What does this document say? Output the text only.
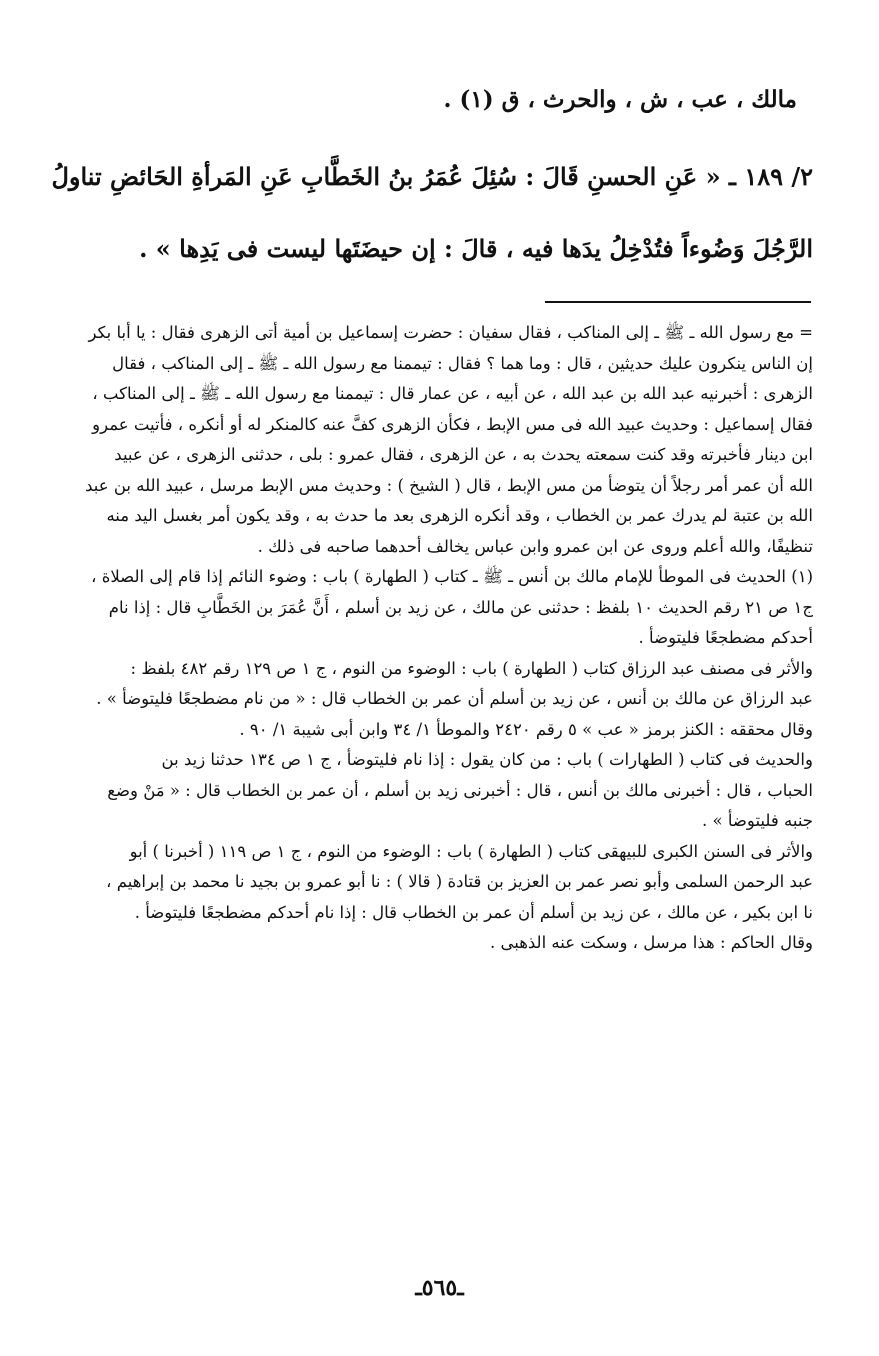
مالك ، عب ، ش ، والحرث ، ق (١) .
٢/ ١٨٩ ـ « عَنِ الحسنِ قَالَ : سُئِلَ عُمَرُ بنُ الخَطَّابِ عَنِ المَرأةِ الحَائضِ تناولُ
الرَّجُلَ وَضُوءاً فتُدْخِلُ يدَها فيه ، قالَ : إن حيضَتَها ليست فى يَدِها » .
= مع رسول الله ـ ﷺ ـ إلى المناكب ، فقال سفيان : حضرت إسماعيل بن أمية أتى الزهرى فقال : يا أبا بكر
إن الناس ينكرون عليك حديثين ، قال : وما هما ؟ فقال : تيممنا مع رسول الله ـ ﷺ ـ إلى المناكب ، فقال
الزهرى : أخبرنيه عبد الله بن عبد الله ، عن أبيه ، عن عمار قال : تيممنا مع رسول الله ـ ﷺ ـ إلى المناكب ،
فقال إسماعيل : وحديث عبيد الله فى مس الإبط ، فكأن الزهرى كفَّ عنه كالمنكر له أو أنكره ، فأتيت عمرو
ابن دينار فأخبرته وقد كنت سمعته يحدث به ، عن الزهرى ، فقال عمرو : بلى ، حدثنى الزهرى ، عن عبيد
الله أن عمر أمر رجلاً أن يتوضأ من مس الإبط ، قال ( الشيخ ) : وحديث مس الإبط مرسل ، عبيد الله بن عبد
الله بن عتبة لم يدرك عمر بن الخطاب ، وقد أنكره الزهرى بعد ما حدث به ، وقد يكون أمر بغسل اليد منه
تنظيفًا، والله أعلم وروى عن ابن عمرو وابن عباس يخالف أحدهما صاحبه فى ذلك .
(١) الحديث فى الموطأ للإمام مالك بن أنس ـ ﷺ ـ كتاب ( الطهارة ) باب : وضوء النائم إذا قام إلى الصلاة ،
ج١ ص ٢١ رقم الحديث ١٠ بلفظ : حدثنى عن مالك ، عن زيد بن أسلم ، أَنَّ عُمَرَ بن الخَطَّابِ قال : إذا نام
أحدكم مضطجعًا فليتوضأ .
والأثر فى مصنف عبد الرزاق كتاب ( الطهارة ) باب : الوضوء من النوم ، ج ١ ص ١٢٩ رقم ٤٨٢ بلفظ :
عبد الرزاق عن مالك بن أنس ، عن زيد بن أسلم أن عمر بن الخطاب قال : « من نام مضطجعًا فليتوضأ » .
وقال محققه : الكنز برمز « عب » ٥ رقم ٢٤٢٠ والموطأ ١/ ٣٤ وابن أبى شيبة ١/ ٩٠ .
والحديث فى كتاب ( الطهارات ) باب : من كان يقول : إذا نام فليتوضأ ، ج ١ ص ١٣٤ حدثنا زيد بن
الحباب ، قال : أخبرنى مالك بن أنس ، قال : أخبرنى زيد بن أسلم ، أن عمر بن الخطاب قال : « مَنْ وضع
جنبه فليتوضأ » .
والأثر فى السنن الكبرى للبيهقى كتاب ( الطهارة ) باب : الوضوء من النوم ، ج ١ ص ١١٩ ( أخبرنا ) أبو
عبد الرحمن السلمى وأبو نصر عمر بن العزيز بن قتادة ( قالا ) : نا أبو عمرو بن بجيد نا محمد بن إبراهيم ،
نا ابن بكير ، عن مالك ، عن زيد بن أسلم أن عمر بن الخطاب قال : إذا نام أحدكم مضطجعًا فليتوضأ .
وقال الحاكم : هذا مرسل ، وسكت عنه الذهبى .
ـ٥٦٥ـ
